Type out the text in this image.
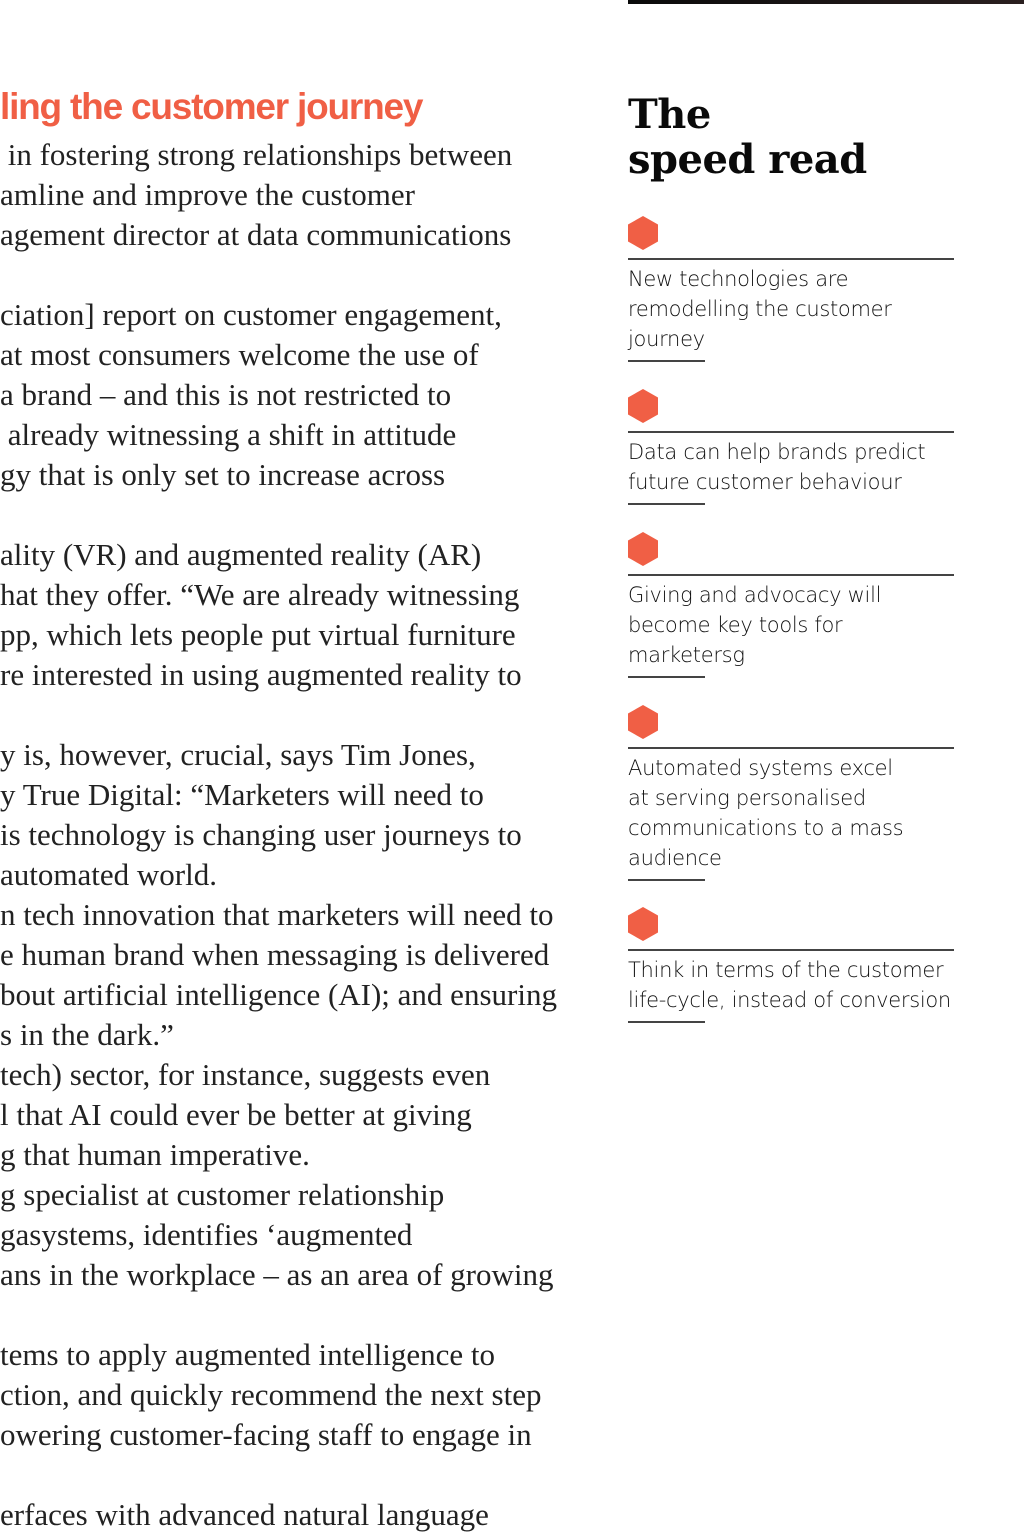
ling the customer journey
in fostering strong relationships between
amline and improve the customer
agement director at data communications
ciation] report on customer engagement,
at most consumers welcome the use of
a brand – and this is not restricted to
already witnessing a shift in attitude
gy that is only set to increase across
ality (VR) and augmented reality (AR)
hat they offer. “We are already witnessing
pp, which lets people put virtual furniture
re interested in using augmented reality to
y is, however, crucial, says Tim Jones,
y True Digital: “Marketers will need to
is technology is changing user journeys to
automated world.
n tech innovation that marketers will need to
e human brand when messaging is delivered
bout artificial intelligence (AI); and ensuring
s in the dark.”
tech) sector, for instance, suggests even
l that AI could ever be better at giving
g that human imperative.
g specialist at customer relationship
gasystems, identifies ‘augmented
ans in the workplace – as an area of growing
tems to apply augmented intelligence to
ction, and quickly recommend the next step
owering customer-facing staff to engage in
erfaces with advanced natural language
The
speed read
New technologies are remodelling the customer journey
Data can help brands predict future customer behaviour
Giving and advocacy will become key tools for marketersg
Automated systems excel at serving personalised communications to a mass audience
Think in terms of the customer life-cycle, instead of conversion
